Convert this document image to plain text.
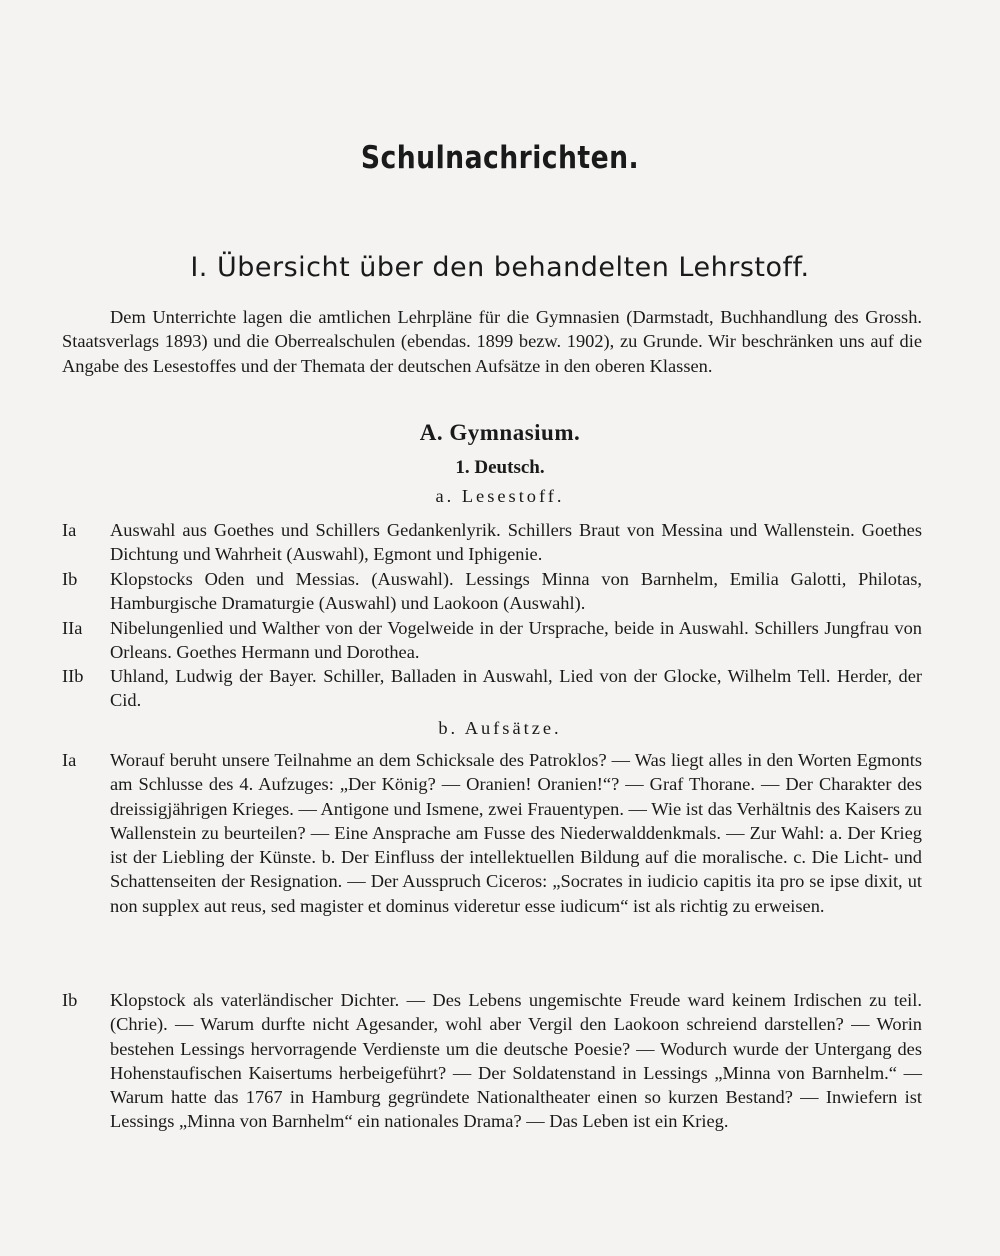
Schulnachrichten.
I. Übersicht über den behandelten Lehrstoff.
Dem Unterrichte lagen die amtlichen Lehrpläne für die Gymnasien (Darmstadt, Buchhandlung des Grossh. Staatsverlags 1893) und die Oberrealschulen (ebendas. 1899 bezw. 1902), zu Grunde. Wir beschränken uns auf die Angabe des Lesestoffes und der Themata der deutschen Aufsätze in den oberen Klassen.
A. Gymnasium.
1. Deutsch.
a. Lesestoff.
Ia	Auswahl aus Goethes und Schillers Gedankenlyrik. Schillers Braut von Messina und Wallenstein. Goethes Dichtung und Wahrheit (Auswahl), Egmont und Iphigenie.
Ib	Klopstocks Oden und Messias. (Auswahl). Lessings Minna von Barnhelm, Emilia Galotti, Philotas, Hamburgische Dramaturgie (Auswahl) und Laokoon (Auswahl).
IIa	Nibelungenlied und Walther von der Vogelweide in der Ursprache, beide in Auswahl. Schillers Jungfrau von Orleans. Goethes Hermann und Dorothea.
IIb	Uhland, Ludwig der Bayer. Schiller, Balladen in Auswahl, Lied von der Glocke, Wilhelm Tell. Herder, der Cid.
b. Aufsätze.
Ia	Worauf beruht unsere Teilnahme an dem Schicksale des Patroklos? — Was liegt alles in den Worten Egmonts am Schlusse des 4. Aufzuges: „Der König? — Oranien! Oranien!“? — Graf Thorane. — Der Charakter des dreissigjährigen Krieges. — Antigone und Ismene, zwei Frauentypen. — Wie ist das Verhältnis des Kaisers zu Wallenstein zu beurteilen? — Eine Ansprache am Fusse des Niederwalddenkmals. — Zur Wahl: a. Der Krieg ist der Liebling der Künste. b. Der Einfluss der intellektuellen Bildung auf die moralische. c. Die Licht- und Schattenseiten der Resignation. — Der Ausspruch Ciceros: „Socrates in iudicio capitis ita pro se ipse dixit, ut non supplex aut reus, sed magister et dominus videretur esse iudicum“ ist als richtig zu erweisen.
Ib	Klopstock als vaterländischer Dichter. — Des Lebens ungemischte Freude ward keinem Irdischen zu teil. (Chrie). — Warum durfte nicht Agesander, wohl aber Vergil den Laokoon schreiend darstellen? — Worin bestehen Lessings hervorragende Verdienste um die deutsche Poesie? — Wodurch wurde der Untergang des Hohenstaufischen Kaisertums herbeigeführt? — Der Soldatenstand in Lessings „Minna von Barnhelm.“ — Warum hatte das 1767 in Hamburg gegründete Nationaltheater einen so kurzen Bestand? — Inwiefern ist Lessings „Minna von Barnhelm“ ein nationales Drama? — Das Leben ist ein Krieg.
